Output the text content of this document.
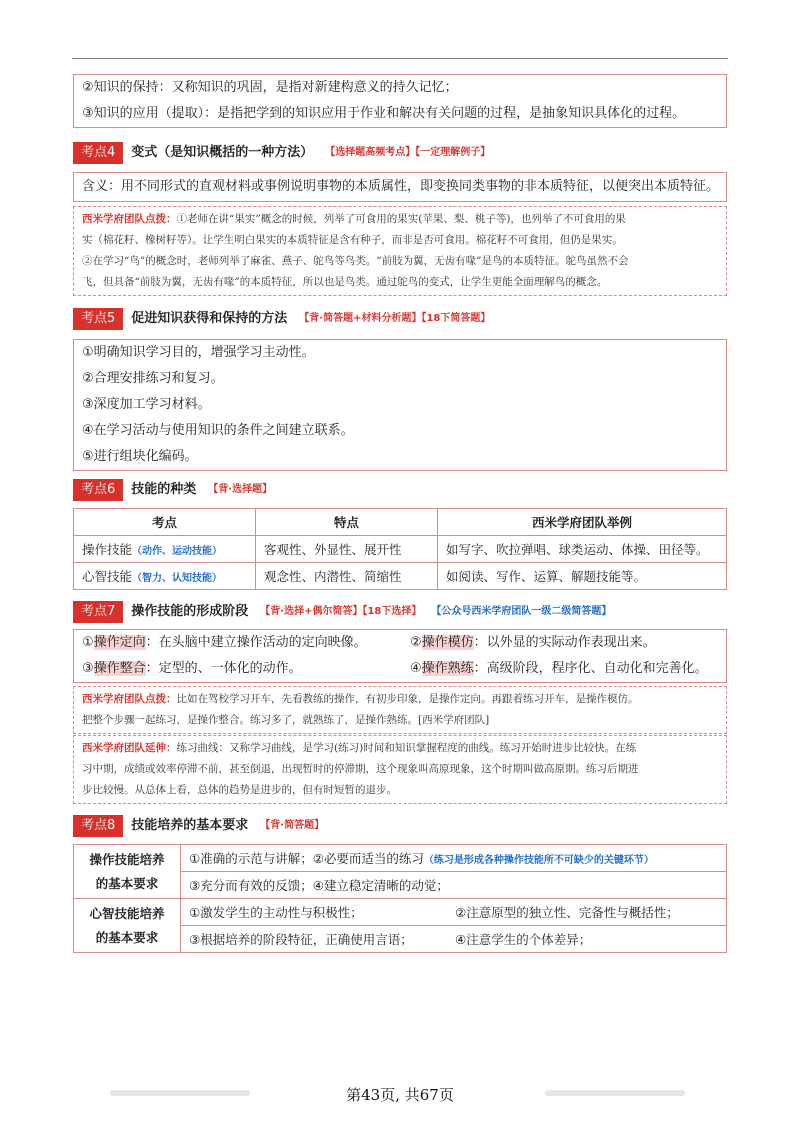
②知识的保持：又称知识的巩固，是指对新建构意义的持久记忆；
③知识的应用（提取）：是指把学到的知识应用于作业和解决有关问题的过程，是抽象知识具体化的过程。
考点4 变式（是知识概括的一种方法） 【选择题高频考点】【一定理解例子】
含义：用不同形式的直观材料或事例说明事物的本质属性，即变换同类事物的非本质特征，以便突出本质特征。

西米学府团队点拨：①老师在讲“果实”概念的时候，列举了可食用的果实(苹果、梨、桃子等)，也列举了不可食用的果

实（棉花籽、橡树籽等）。让学生明白果实的本质特征是含有种子，而非是否可食用。棉花籽不可食用，但仍是果实。

②在学习“鸟”的概念时，老师列举了麻雀、燕子、鸵鸟等鸟类。“前肢为翼，无齿有喙”是鸟的本质特征。鸵鸟虽然不会

飞，但具备“前肢为翼，无齿有喙”的本质特征，所以也是鸟类。通过鸵鸟的变式，让学生更能全面理解鸟的概念。

考点5 促进知识获得和保持的方法 【背·简答题+材料分析题】【18下简答题】
①明确知识学习目的，增强学习主动性。
②合理安排练习和复习。
③深度加工学习材料。
④在学习活动与使用知识的条件之间建立联系。
⑤进行组块化编码。
考点6 技能的种类 【背·选择题】
考点	特点	西米学府团队举例
操作技能（动作、运动技能）	客观性、外显性、展开性	如写字、吹拉弹唱、球类运动、体操、田径等。
心智技能（智力、认知技能）	观念性、内潜性、简缩性	如阅读、写作、运算、解题技能等。
考点7 操作技能的形成阶段 【背·选择+偶尔简答】【18下选择】 【公众号西米学府团队一级二级简答题】
①操作定向：在头脑中建立操作活动的定向映像。	②操作模仿：以外显的实际动作表现出来。
③操作整合：定型的、一体化的动作。	④操作熟练：高级阶段，程序化、自动化和完善化。

西米学府团队点拨：比如在驾校学习开车，先看教练的操作，有初步印象，是操作定向。再跟着练习开车，是操作模仿。

把整个步骤一起练习，是操作整合。练习多了，就熟练了，是操作熟练。[西米学府团队]

西米学府团队延伸：练习曲线：又称学习曲线，是学习(练习)时间和知识掌握程度的曲线。练习开始时进步比较快。在练

习中期，成绩或效率停滞不前，甚至倒退，出现暂时的停滞期，这个现象叫高原现象，这个时期叫做高原期。练习后期进

步比较慢。从总体上看，总体的趋势是进步的，但有时短暂的退步。

考点8 技能培养的基本要求 【背·简答题】
操作技能培养
的基本要求	①准确的示范与讲解；②必要而适当的练习（练习是形成各种操作技能所不可缺少的关键环节）	
	③充分而有效的反馈；④建立稳定清晰的动觉；	

心智技能培养
的基本要求	①激发学生的主动性与积极性；	②注意原型的独立性、完备性与概括性；
	③根据培养的阶段特征，正确使用言语；	④注意学生的个体差异；
第43页, 共67页
